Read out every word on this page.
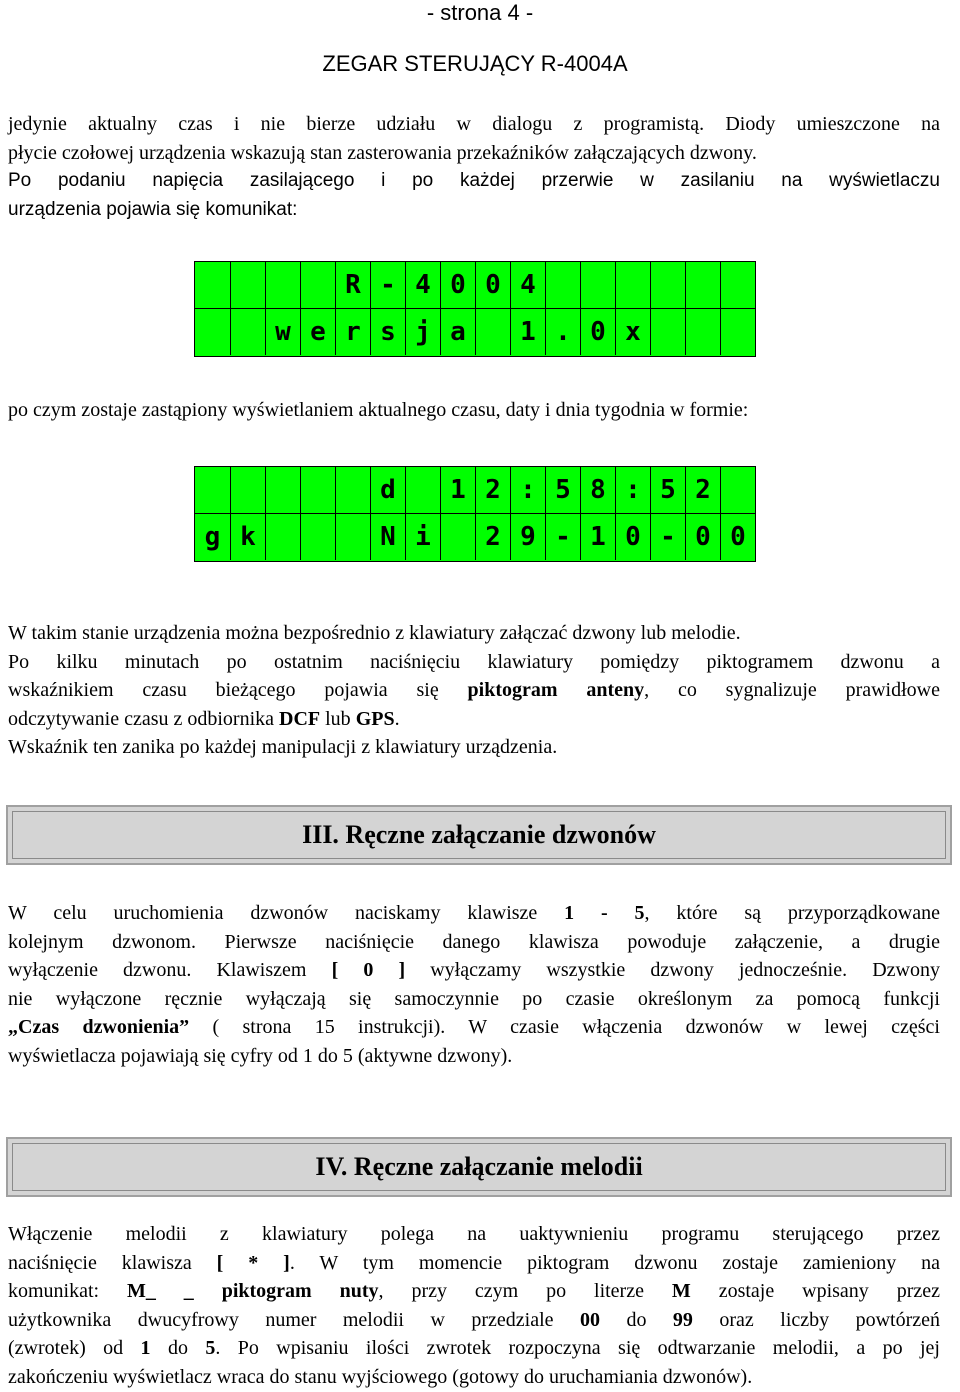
- strona 4 -
ZEGAR STERUJĄCY R-4004A

jedynie aktualny czas i nie bierze udziału w dialogu z programistą. Diody umieszczone na

płycie czołowej urządzenia wskazują stan zasterowania przekaźników załączających dzwony.

Po podaniu napięcia zasilającego i po każdej przerwie w zasilaniu na wyświetlaczu

urządzenia pojawia się komunikat:

R - 4 0 0 4
w e r s j a	1 . 0 x

po czym zostaje zastąpiony wyświetlaniem aktualnego czasu, daty i dnia tygodnia w formie:

d	1 2 : 5 8 : 5 2
g k	N i	2 9 - 1 0 - 0 0

W takim stanie urządzenia można bezpośrednio z klawiatury załączać dzwony lub melodie.

Po kilku minutach po ostatnim naciśnięciu klawiatury pomiędzy piktogramem dzwonu a

wskaźnikiem czasu bieżącego pojawia się piktogram anteny, co sygnalizuje prawidłowe

odczytywanie czasu z odbiornika DCF lub GPS.

Wskaźnik ten zanika po każdej manipulacji z klawiatury urządzenia.

III. Ręczne załączanie dzwonów

W celu uruchomienia dzwonów naciskamy klawisze 1 - 5, które są przyporządkowane

kolejnym dzwonom. Pierwsze naciśnięcie danego klawisza powoduje załączenie, a drugie

wyłączenie dzwonu. Klawiszem [ 0 ] wyłączamy wszystkie dzwony jednocześnie. Dzwony

nie wyłączone ręcznie wyłączają się samoczynnie po czasie określonym za pomocą funkcji

„Czas dzwonienia” ( strona 15 instrukcji). W czasie włączenia dzwonów w lewej części

wyświetlacza pojawiają się cyfry od 1 do 5 (aktywne dzwony).

IV. Ręczne załączanie melodii

Włączenie melodii z klawiatury polega na uaktywnieniu programu sterującego przez

naciśnięcie klawisza [ * ]. W tym momencie piktogram dzwonu zostaje zamieniony na

komunikat: M_ _ piktogram nuty, przy czym po literze M zostaje wpisany przez

użytkownika dwucyfrowy numer melodii w przedziale 00 do 99 oraz liczby powtórzeń

(zwrotek) od 1 do 5. Po wpisaniu ilości zwrotek rozpoczyna się odtwarzanie melodii, a po jej

zakończeniu wyświetlacz wraca do stanu wyjściowego (gotowy do uruchamiania dzwonów).
